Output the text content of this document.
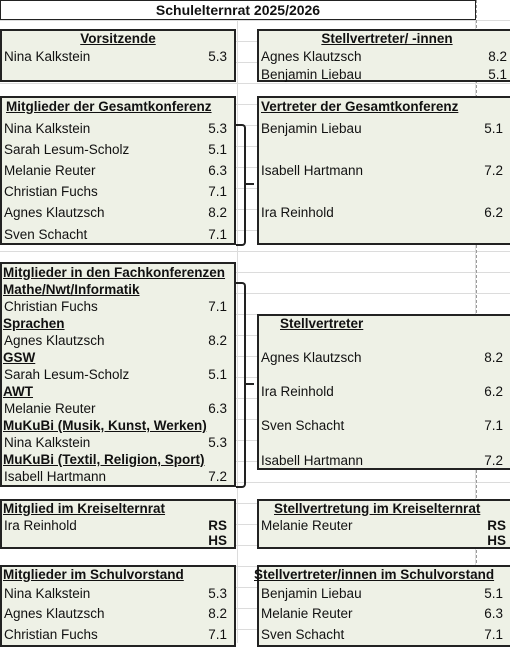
Schulelternrat 2025/2026
Vorsitzende
Nina Kalkstein	5.3
Stellvertreter/ -innen
Agnes Klautzsch	8.2
Benjamin Liebau	5.1
Mitglieder der Gesamtkonferenz
Nina Kalkstein	5.3
Sarah Lesum-Scholz	5.1
Melanie Reuter	6.3
Christian Fuchs	7.1
Agnes Klautzsch	8.2
Sven Schacht	7.1
Vertreter der Gesamtkonferenz
Benjamin Liebau	5.1
Isabell Hartmann	7.2
Ira Reinhold	6.2
Mitglieder in den Fachkonferenzen
Mathe/Nwt/Informatik
Christian Fuchs	7.1
Sprachen
Agnes Klautzsch	8.2
GSW
Sarah Lesum-Scholz	5.1
AWT
Melanie Reuter	6.3
MuKuBi (Musik, Kunst, Werken)
Nina Kalkstein	5.3
MuKuBi (Textil, Religion, Sport)
Isabell Hartmann	7.2
Stellvertreter
Agnes Klautzsch	8.2
Ira Reinhold	6.2
Sven Schacht	7.1
Isabell Hartmann	7.2
Mitglied im Kreiselternrat
Ira Reinhold	RS
HS
Stellvertretung im Kreiselternrat
Melanie Reuter	RS
HS
Mitglieder im Schulvorstand
Nina Kalkstein	5.3
Agnes Klautzsch	8.2
Christian Fuchs	7.1
Stellvertreter/innen im Schulvorstand
Benjamin Liebau	5.1
Melanie Reuter	6.3
Sven Schacht	7.1
